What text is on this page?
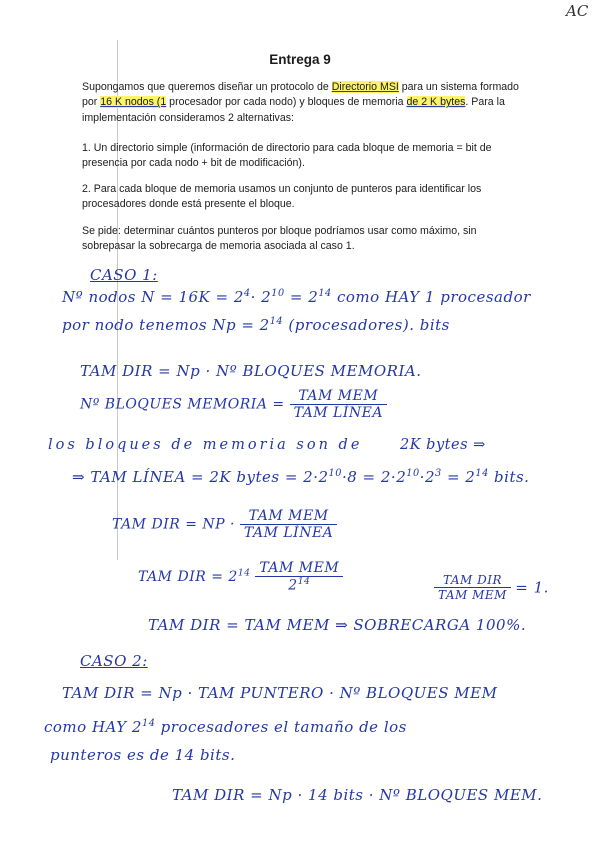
AC
Entrega 9
Supongamos que queremos diseñar un protocolo de Directorio MSI para un sistema formado por 16 K nodos (1 procesador por cada nodo) y bloques de memoria de 2 K bytes. Para la implementación consideramos 2 alternativas:
1. Un directorio simple (información de directorio para cada bloque de memoria = bit de presencia por cada nodo + bit de modificación).
2. Para cada bloque de memoria usamos un conjunto de punteros para identificar los procesadores donde está presente el bloque.
Se pide: determinar cuántos punteros por bloque podríamos usar como máximo, sin sobrepasar la sobrecarga de memoria asociada al caso 1.
CASO 1:
Nº nodos $N = 16K = 2^4\cdot 2^{10} = 2^{14}$ como HAY 1 procesador
por nodo tenemos $Np = 2^{14}$ (procesadores). bits
TAM DIR = Np · Nº BLOQUES MEMORIA.
Nº BLOQUES MEMORIA = $\frac{\text{TAM MEM}}{\text{TAM LÍNEA}}$
los bloques de memoria son de	2K bytes ⇒
⇒ TAM LÍNEA = 2K bytes = $2\cdot 2^{10}\cdot 8 = 2\cdot 2^{10}\cdot 2^3 = 2^{14}$ bits.
TAM DIR = NP · $\frac{\text{TAM MEM}}{\text{TAM LÍNEA}}$
TAM DIR = $2^{14} \frac{\text{TAM MEM}}{2^{14}}$	$\frac{\text{TAM DIR}}{\text{TAM MEM}} = 1$.
TAM DIR = TAM MEM ⇒ SOBRECARGA 100%.
CASO 2:
TAM DIR = Np · TAM PUNTERO · Nº BLOQUES MEM
como HAY $2^{14}$ procesadores el tamaño de los
punteros es de 14 bits.
TAM DIR = Np · 14 bits · Nº BLOQUES MEM.
